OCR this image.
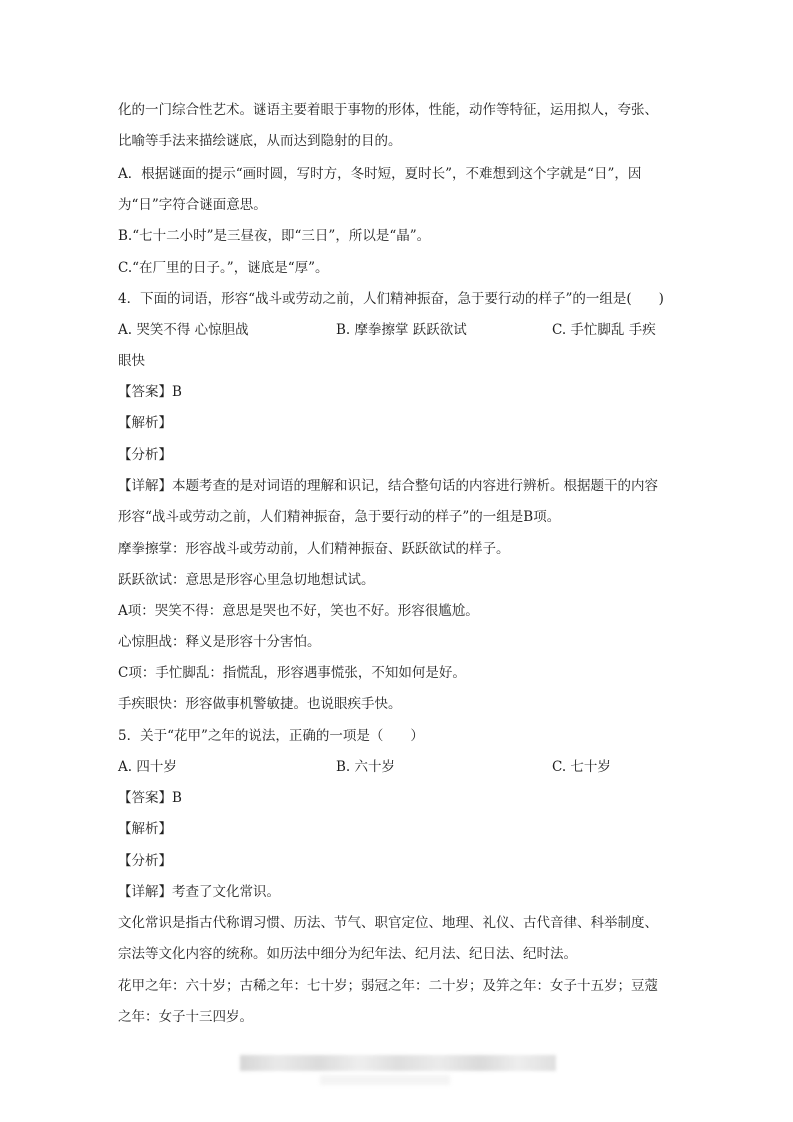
化的一门综合性艺术。谜语主要着眼于事物的形体，性能，动作等特征，运用拟人，夸张、
比喻等手法来描绘谜底，从而达到隐射的目的。
A．根据谜面的提示“画时圆，写时方，冬时短，夏时长”，不难想到这个字就是“日”，因
为“日”字符合谜面意思。
B.“七十二小时”是三昼夜，即“三日”，所以是“晶”。
C.“在厂里的日子。”，谜底是“厚”。
4．下面的词语，形容“战斗或劳动之前，人们精神振奋，急于要行动的样子”的一组是(　　)
A. 哭笑不得 心惊胆战	B. 摩拳擦掌 跃跃欲试	C. 手忙脚乱 手疾
眼快
【答案】B
【解析】
【分析】
【详解】本题考查的是对词语的理解和识记，结合整句话的内容进行辨析。根据题干的内容
形容“战斗或劳动之前，人们精神振奋，急于要行动的样子”的一组是B项。
摩拳擦掌：形容战斗或劳动前，人们精神振奋、跃跃欲试的样子。
跃跃欲试：意思是形容心里急切地想试试。
A项：哭笑不得：意思是哭也不好，笑也不好。形容很尴尬。
心惊胆战：释义是形容十分害怕。
C项：手忙脚乱：指慌乱，形容遇事慌张，不知如何是好。
手疾眼快：形容做事机警敏捷。也说眼疾手快。
5．关于“花甲”之年的说法，正确的一项是（　　）
A. 四十岁	B. 六十岁	C. 七十岁
【答案】B
【解析】
【分析】
【详解】考查了文化常识。
文化常识是指古代称谓习惯、历法、节气、职官定位、地理、礼仪、古代音律、科举制度、
宗法等文化内容的统称。如历法中细分为纪年法、纪月法、纪日法、纪时法。
花甲之年：六十岁；古稀之年：七十岁；弱冠之年：二十岁；及笄之年：女子十五岁；豆蔻
之年：女子十三四岁。
